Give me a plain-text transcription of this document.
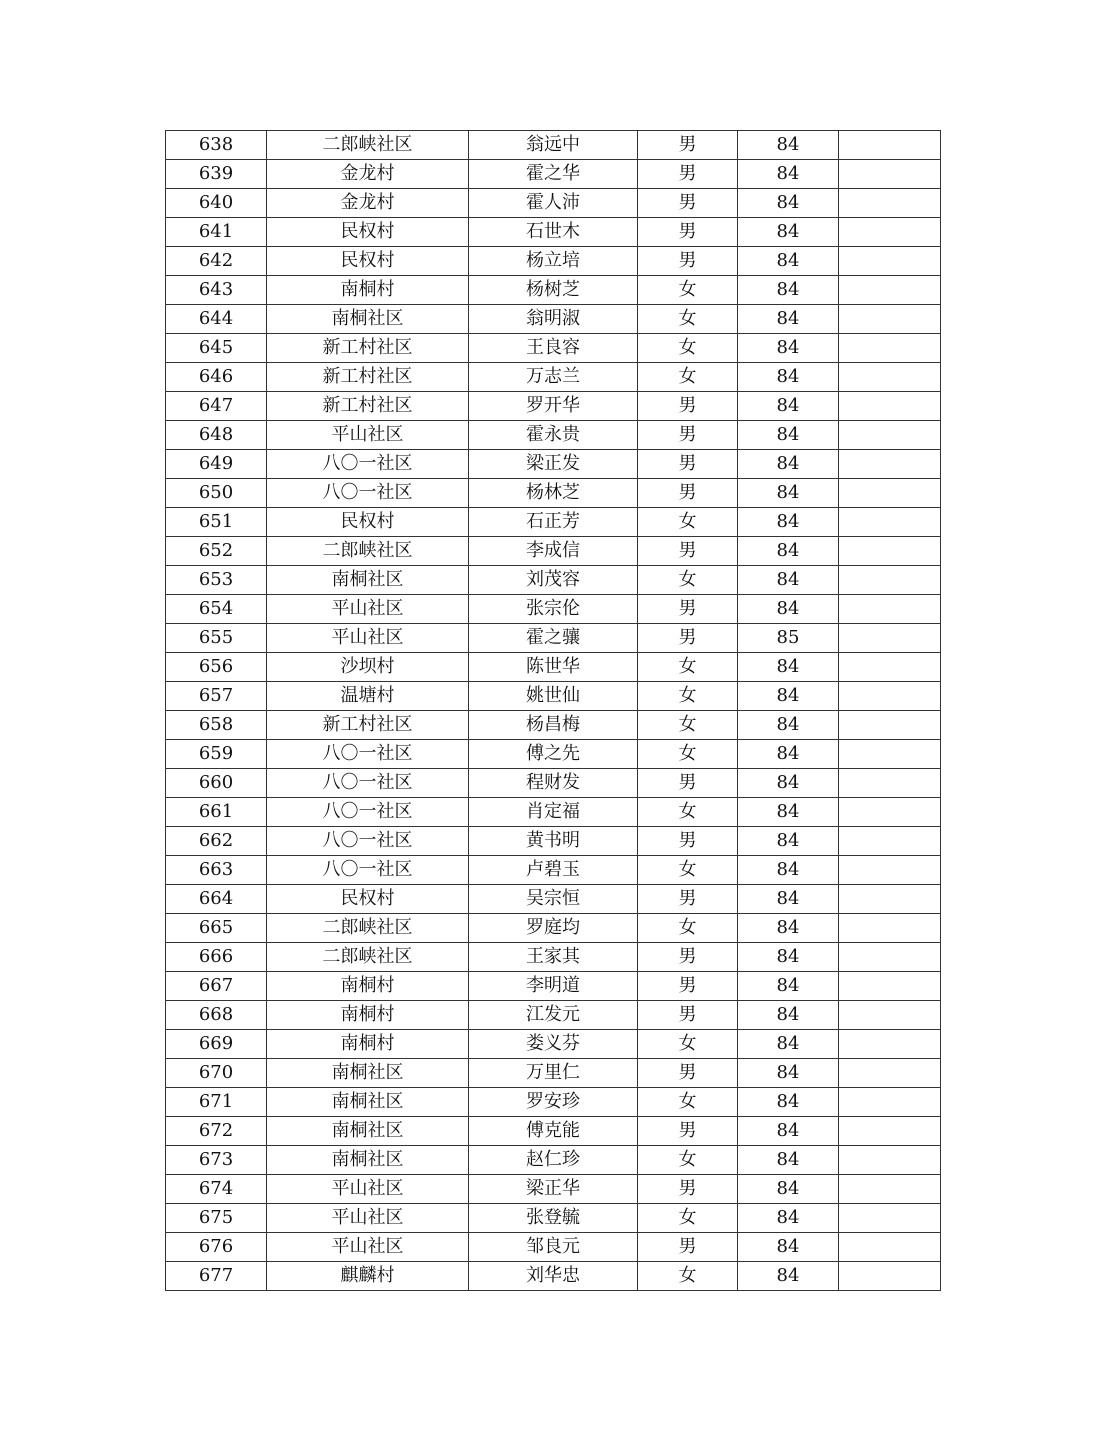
638	二郎峡社区	翁远中	男	84	
639	金龙村	霍之华	男	84	
640	金龙村	霍人沛	男	84	
641	民权村	石世木	男	84	
642	民权村	杨立培	男	84	
643	南桐村	杨树芝	女	84	
644	南桐社区	翁明淑	女	84	
645	新工村社区	王良容	女	84	
646	新工村社区	万志兰	女	84	
647	新工村社区	罗开华	男	84	
648	平山社区	霍永贵	男	84	
649	八〇一社区	梁正发	男	84	
650	八〇一社区	杨林芝	男	84	
651	民权村	石正芳	女	84	
652	二郎峡社区	李成信	男	84	
653	南桐社区	刘茂容	女	84	
654	平山社区	张宗伦	男	84	
655	平山社区	霍之骧	男	85	
656	沙坝村	陈世华	女	84	
657	温塘村	姚世仙	女	84	
658	新工村社区	杨昌梅	女	84	
659	八〇一社区	傅之先	女	84	
660	八〇一社区	程财发	男	84	
661	八〇一社区	肖定福	女	84	
662	八〇一社区	黄书明	男	84	
663	八〇一社区	卢碧玉	女	84	
664	民权村	吴宗恒	男	84	
665	二郎峡社区	罗庭均	女	84	
666	二郎峡社区	王家其	男	84	
667	南桐村	李明道	男	84	
668	南桐村	江发元	男	84	
669	南桐村	娄义芬	女	84	
670	南桐社区	万里仁	男	84	
671	南桐社区	罗安珍	女	84	
672	南桐社区	傅克能	男	84	
673	南桐社区	赵仁珍	女	84	
674	平山社区	梁正华	男	84	
675	平山社区	张登毓	女	84	
676	平山社区	邹良元	男	84	
677	麒麟村	刘华忠	女	84	
